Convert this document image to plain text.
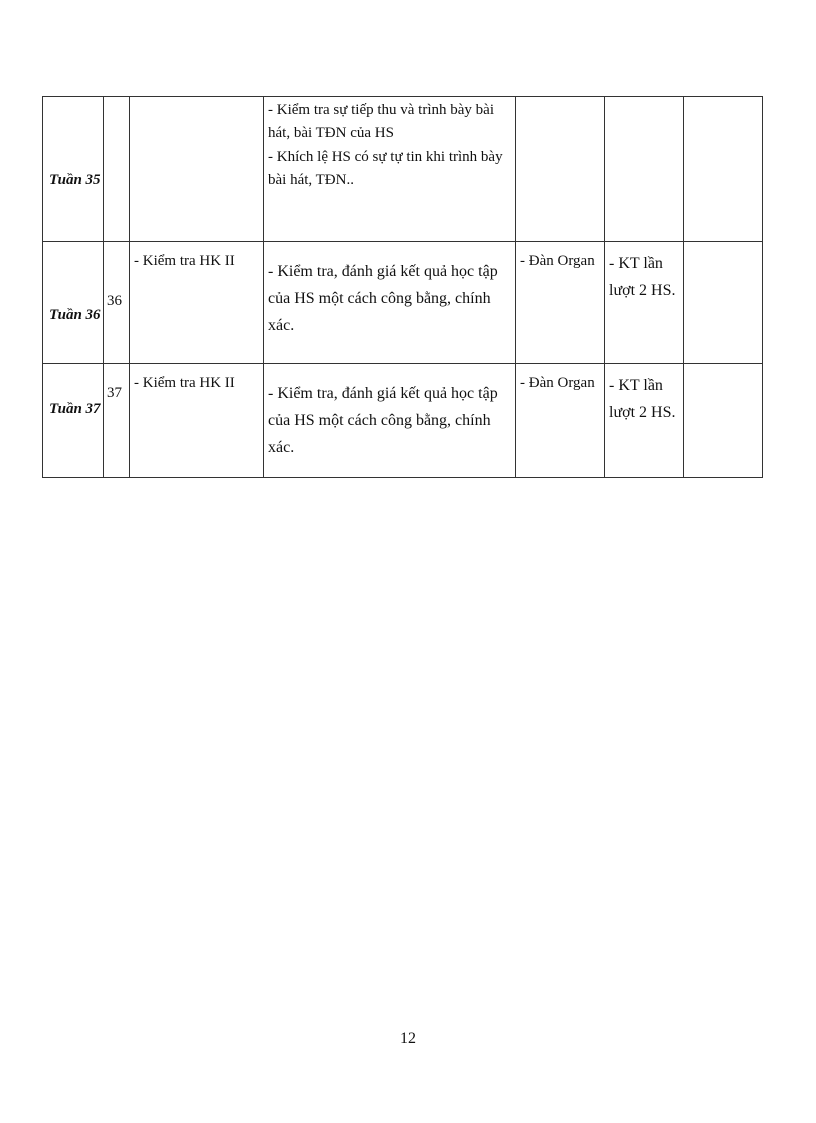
Tuần 35			- Kiểm tra sự tiếp thu và trình bày bài hát, bài TĐN của HS

- Khích lệ HS có sự tự tin khi trình bày bài hát, TĐN..			

Tuần 36	36	- Kiểm tra HK II	- Kiểm tra, đánh giá kết quả học tập của HS một cách công bằng, chính xác.	- Đàn Organ	- KT lần lượt 2 HS.	

Tuần 37	37	- Kiểm tra HK II	- Kiểm tra, đánh giá kết quả học tập của HS một cách công bằng, chính xác.	- Đàn Organ	- KT lần lượt 2 HS.	

12
